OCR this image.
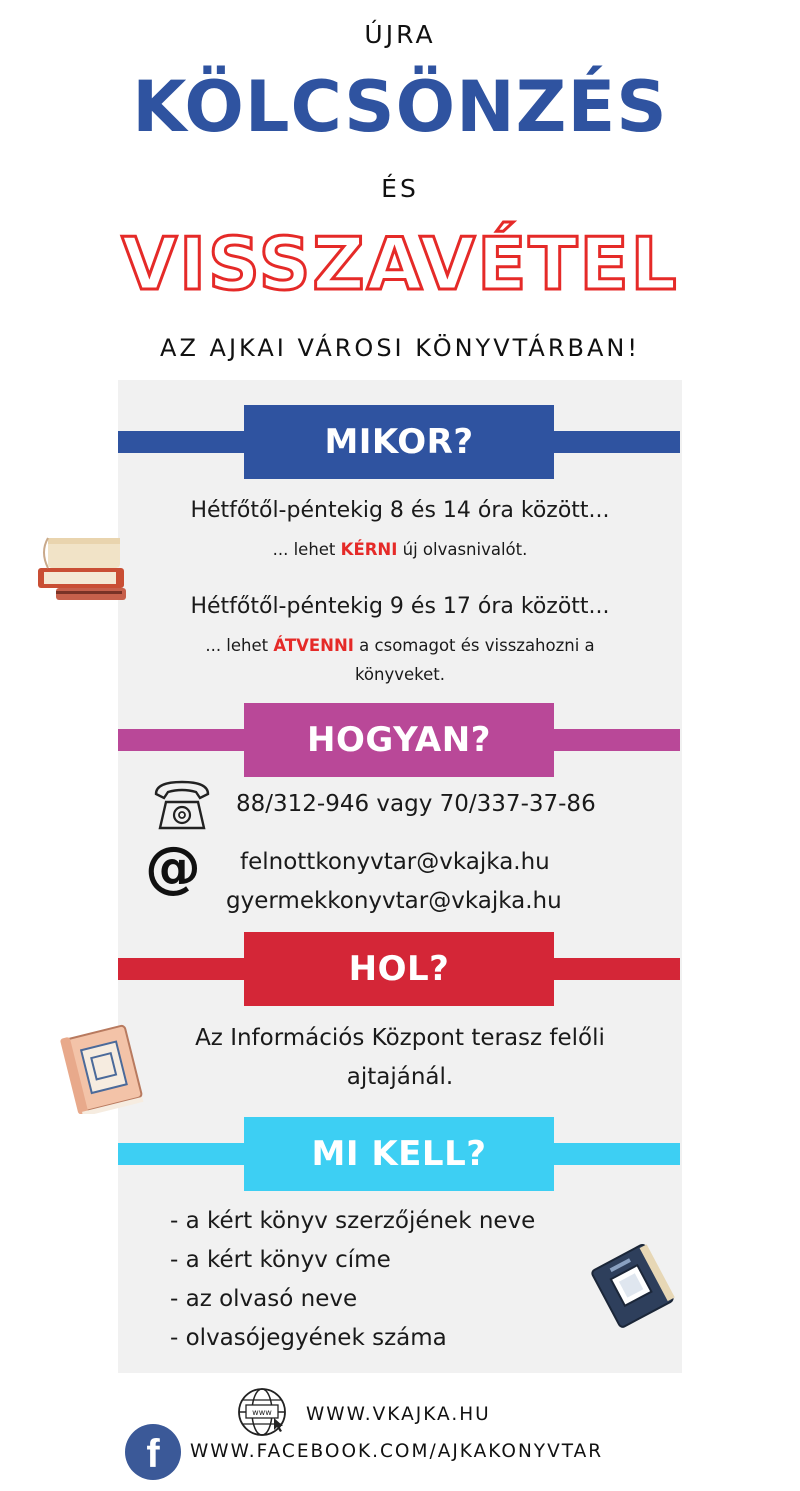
ÚJRA
KÖLCSÖNZÉS
ÉS
VISSZAVÉTEL
AZ AJKAI VÁROSI KÖNYVTÁRBAN!
MIKOR?
Hétfőtől-péntekig 8 és 14 óra között...
... lehet KÉRNI új olvasnivalót.
Hétfőtől-péntekig 9 és 17 óra között...
... lehet ÁTVENNI a csomagot és visszahozni a
könyveket.
HOGYAN?
88/312-946 vagy 70/337-37-86
@ felnottkonyvtar@vkajka.hu
gyermekkonyvtar@vkajka.hu
HOL?
Az Információs Központ terasz felőli
ajtajánál.
MI KELL?
- a kért könyv szerzőjének neve
- a kért könyv címe
- az olvasó neve
- olvasójegyének száma
www WWW.VKAJKA.HU
f	WWW.FACEBOOK.COM/AJKAKONYVTAR
